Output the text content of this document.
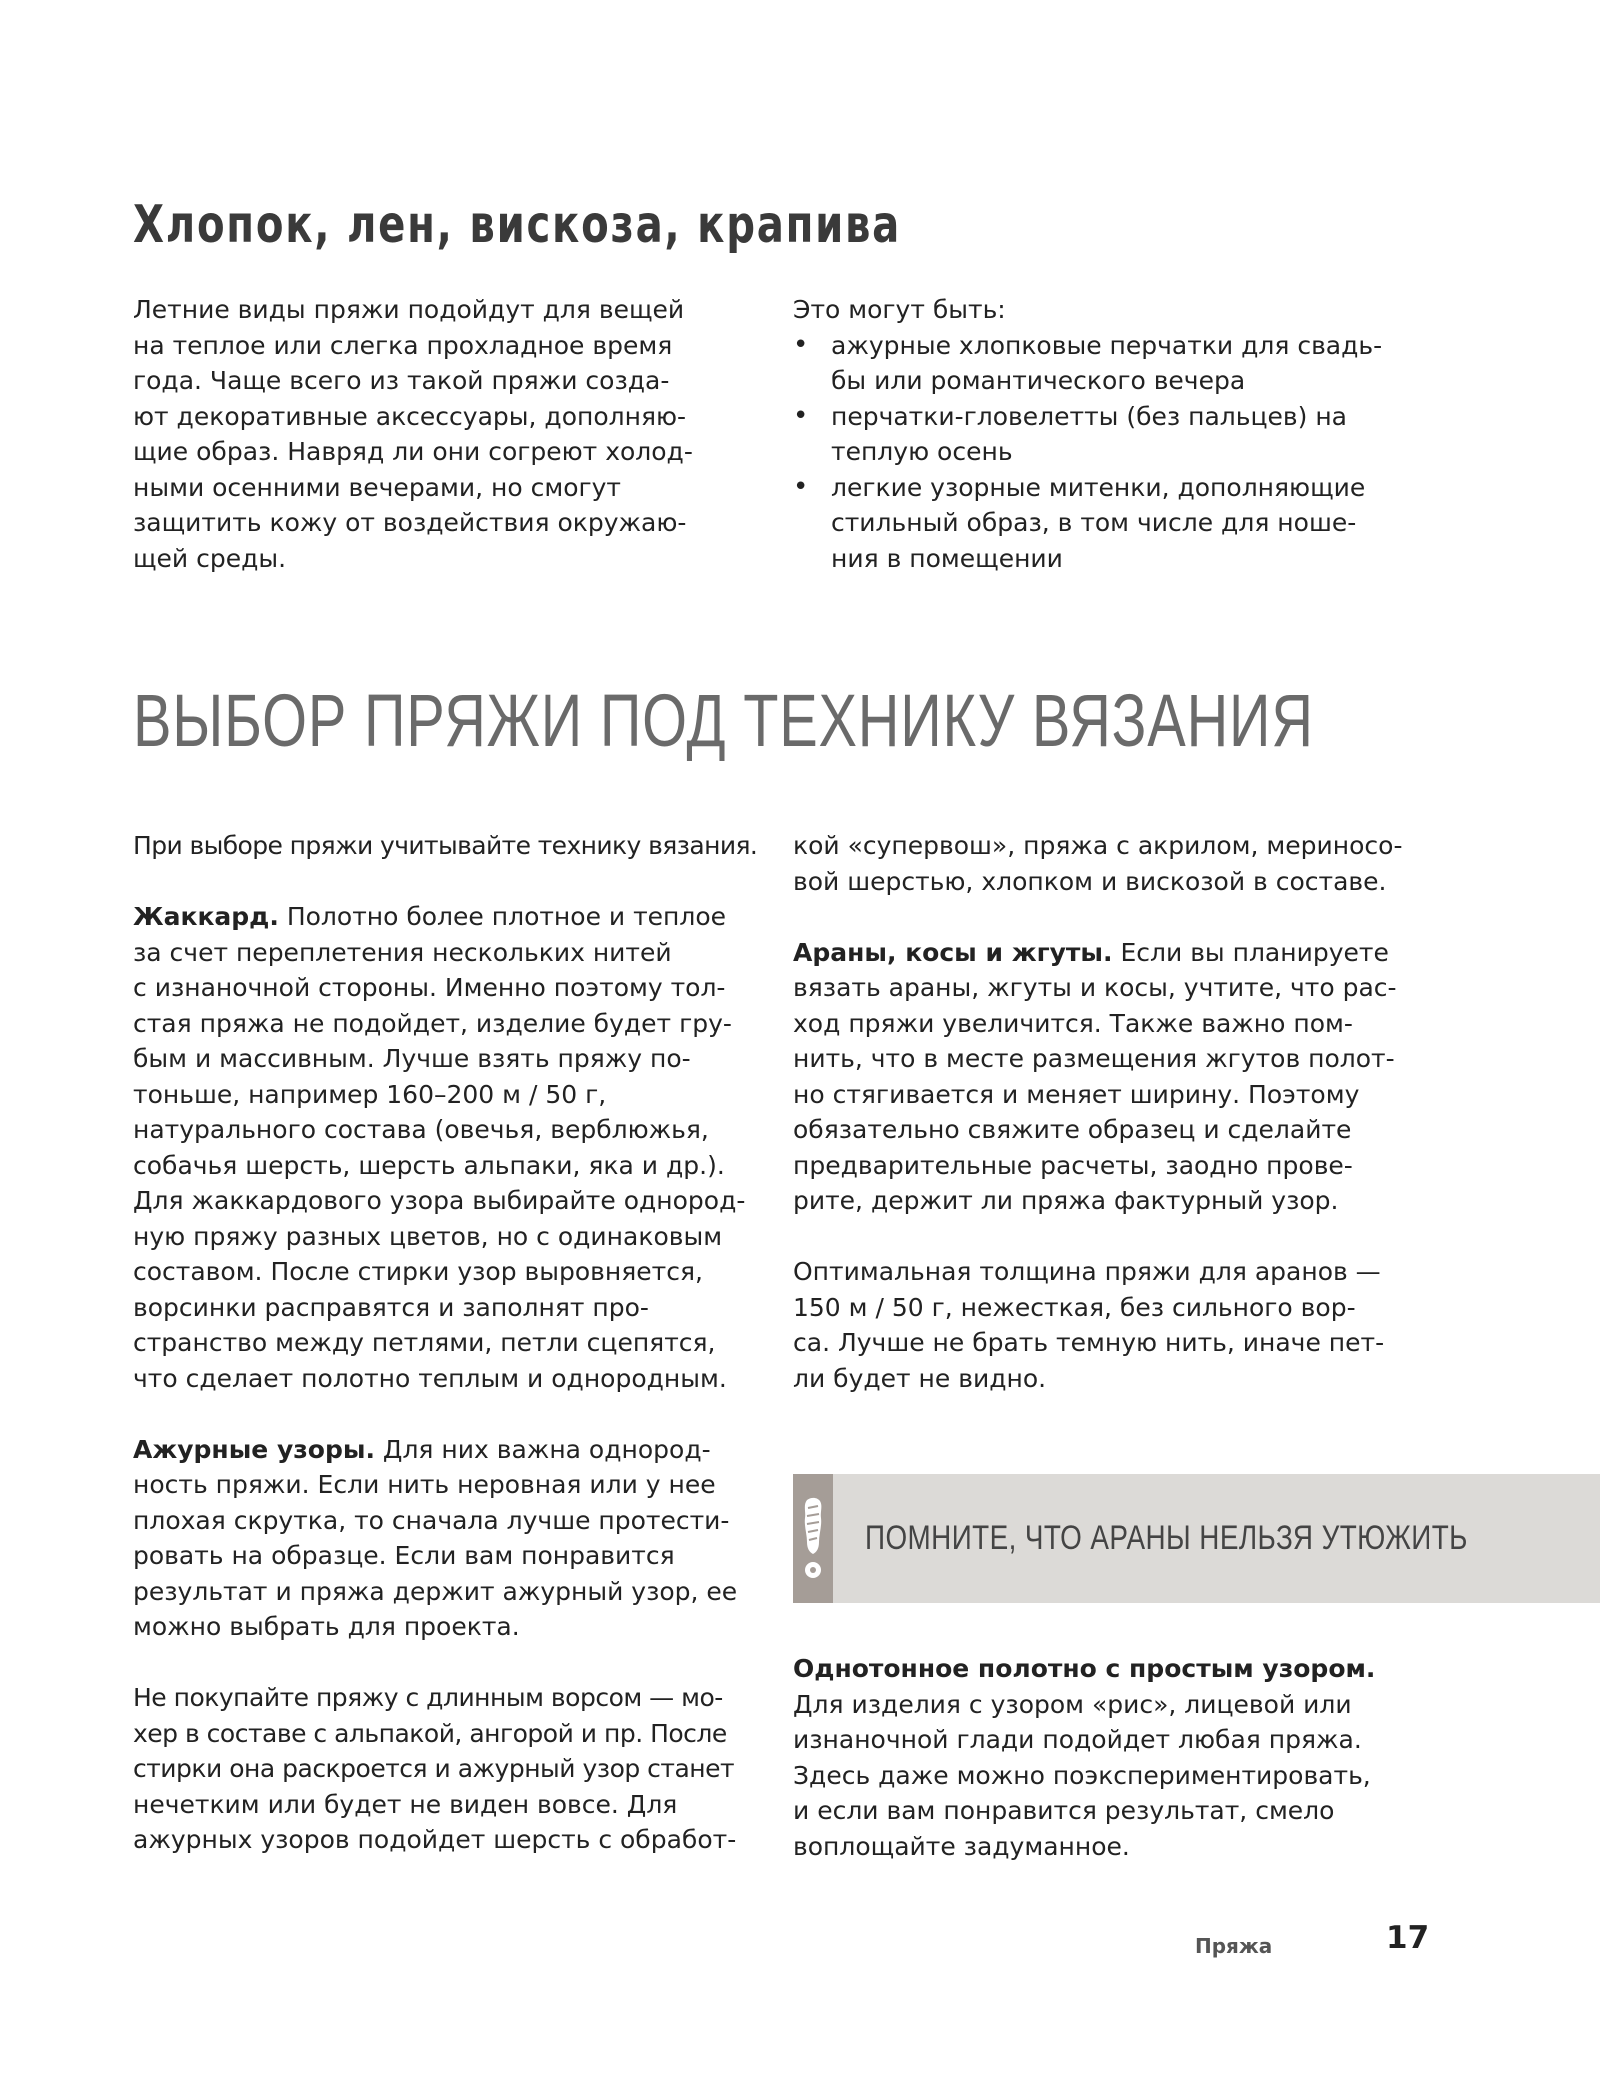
Хлопок, лен, вискоза, крапива
Летние виды пряжи подойдут для вещей
на теплое или слегка прохладное время
года. Чаще всего из такой пряжи созда-
ют декоративные аксессуары, дополняю-
щие образ. Навряд ли они согреют холод-
ными осенними вечерами, но смогут
защитить кожу от воздействия окружаю-
щей среды.
Это могут быть:
• ажурные хлопковые перчатки для свадь-
бы или романтического вечера
• перчатки-гловелетты (без пальцев) на
теплую осень
• легкие узорные митенки, дополняющие
стильный образ, в том числе для ноше-
ния в помещении
ВЫБОР ПРЯЖИ ПОД ТЕХНИКУ ВЯЗАНИЯ
При выборе пряжи учитывайте технику вязания.

Жаккард. Полотно более плотное и теплое
за счет переплетения нескольких нитей
с изнаночной стороны. Именно поэтому тол-
стая пряжа не подойдет, изделие будет гру-
бым и массивным. Лучше взять пряжу по-
тоньше, например 160–200 м / 50 г,
натурального состава (овечья, верблюжья,
собачья шерсть, шерсть альпаки, яка и др.).
Для жаккардового узора выбирайте однород-
ную пряжу разных цветов, но с одинаковым
составом. После стирки узор выровняется,
ворсинки расправятся и заполнят про-
странство между петлями, петли сцепятся,
что сделает полотно теплым и однородным.

Ажурные узоры. Для них важна однород-
ность пряжи. Если нить неровная или у нее
плохая скрутка, то сначала лучше протести-
ровать на образце. Если вам понравится
результат и пряжа держит ажурный узор, ее
можно выбрать для проекта.

Не покупайте пряжу с длинным ворсом — мо-
хер в составе с альпакой, ангорой и пр. После
стирки она раскроется и ажурный узор станет
нечетким или будет не виден вовсе. Для
ажурных узоров подойдет шерсть с обработ-
кой «супервош», пряжа с акрилом, мериносо-
вой шерстью, хлопком и вискозой в составе.

Араны, косы и жгуты. Если вы планируете
вязать араны, жгуты и косы, учтите, что рас-
ход пряжи увеличится. Также важно пом-
нить, что в месте размещения жгутов полот-
но стягивается и меняет ширину. Поэтому
обязательно свяжите образец и сделайте
предварительные расчеты, заодно прове-
рите, держит ли пряжа фактурный узор.

Оптимальная толщина пряжи для аранов —
150 м / 50 г, нежесткая, без сильного вор-
са. Лучше не брать темную нить, иначе пет-
ли будет не видно.
ПОМНИТЕ, ЧТО АРАНЫ НЕЛЬЗЯ УТЮЖИТЬ
Однотонное полотно с простым узором.
Для изделия с узором «рис», лицевой или
изнаночной глади подойдет любая пряжа.
Здесь даже можно поэкспериментировать,
и если вам понравится результат, смело
воплощайте задуманное.
Пряжа	17
